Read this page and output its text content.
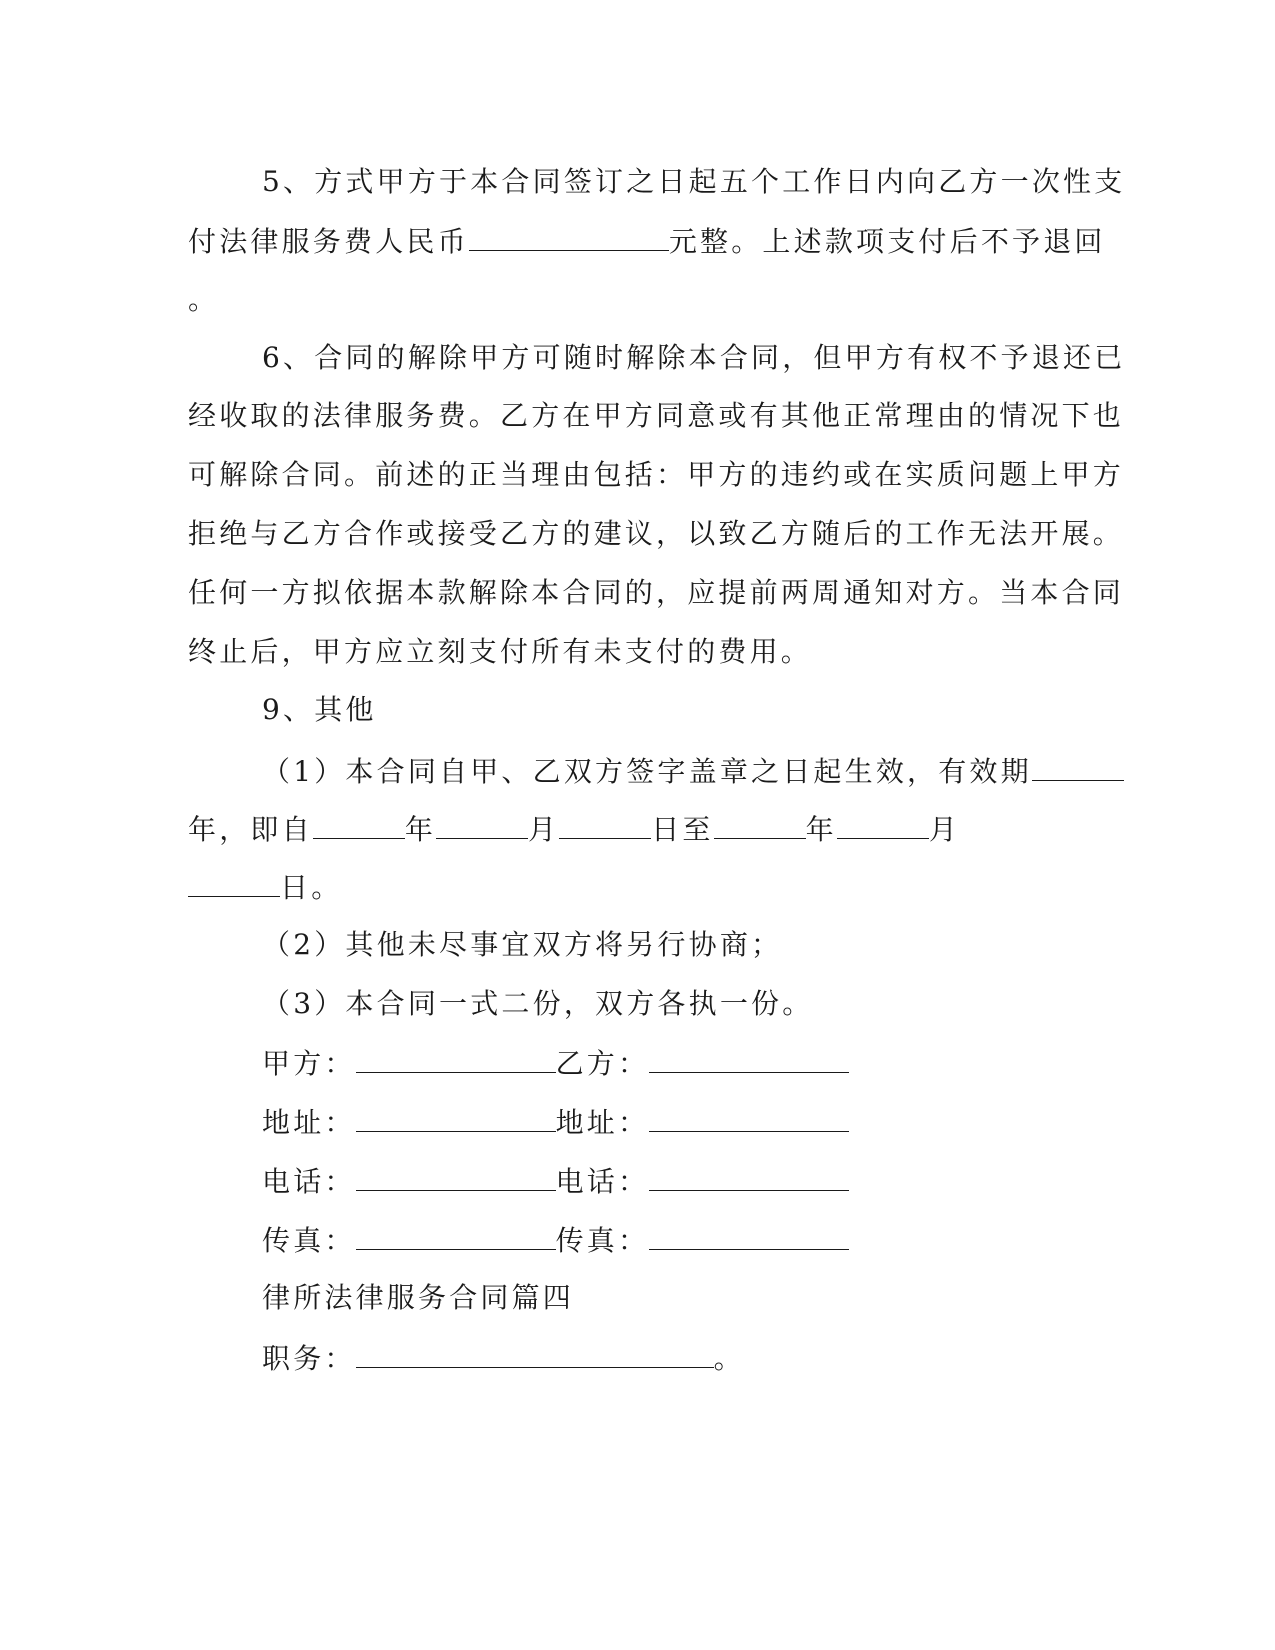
5、方式甲方于本合同签订之日起五个工作日内向乙方一次性支
付法律服务费人民币	元整。上述款项支付后不予退回
。
6、合同的解除甲方可随时解除本合同，但甲方有权不予退还已
经收取的法律服务费。乙方在甲方同意或有其他正常理由的情况下也
可解除合同。前述的正当理由包括：甲方的违约或在实质问题上甲方
拒绝与乙方合作或接受乙方的建议，以致乙方随后的工作无法开展。
任何一方拟依据本款解除本合同的，应提前两周通知对方。当本合同
终止后，甲方应立刻支付所有未支付的费用。
9、其他
（1）本合同自甲、乙双方签字盖章之日起生效，有效期
年，即自	年	月	日至	年	月
日。
（2）其他未尽事宜双方将另行协商；
（3）本合同一式二份，双方各执一份。
甲方：	乙方：
地址：	地址：
电话：	电话：
传真：	传真：
律所法律服务合同篇四
职务：	。
